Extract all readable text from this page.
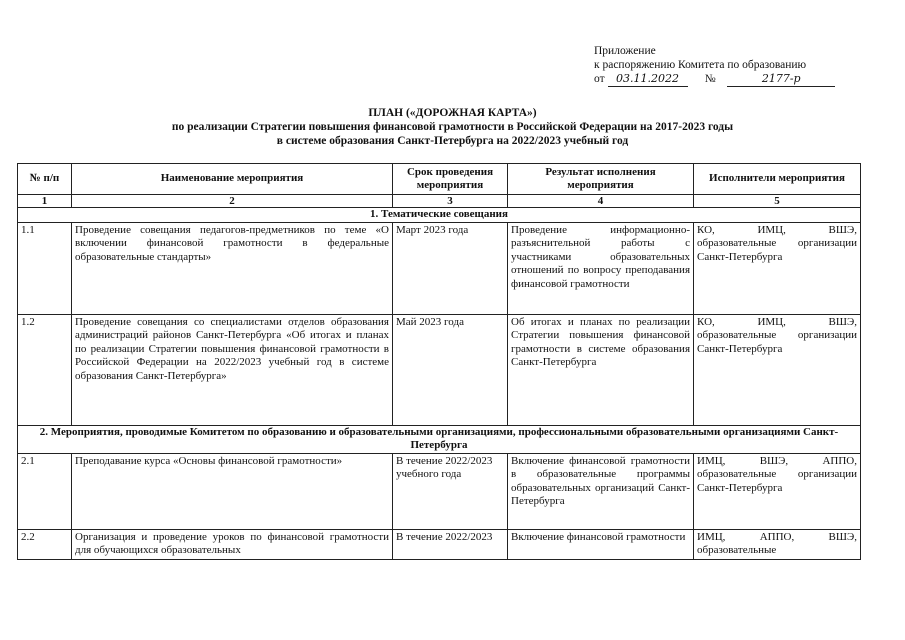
Приложение
к распоряжению Комитета по образованию
от 03.11.2022 №	2177-р
ПЛАН («ДОРОЖНАЯ КАРТА»)
по реализации Стратегии повышения финансовой грамотности в Российской Федерации на 2017-2023 годы
в системе образования Санкт-Петербурга на 2022/2023 учебный год
№ п/п	Наименование мероприятия	Срок проведения мероприятия	Результат исполнения мероприятия	Исполнители мероприятия
1	2	3	4	5
1. Тематические совещания				
1.1	Проведение совещания педагогов-предметников по теме «О включении финансовой грамотности в федеральные образовательные стандарты»	Март 2023 года	Проведение информационно-разъяснительной работы с участниками образовательных отношений по вопросу преподавания финансовой грамотности	КО, ИМЦ, ВШЭ, образовательные организации Санкт-Петербурга
1.2	Проведение совещания со специалистами отделов образования администраций районов Санкт-Петербурга «Об итогах и планах по реализации Стратегии повышения финансовой грамотности в Российской Федерации на 2022/2023 учебный год в системе образования Санкт-Петербурга»	Май 2023 года	Об итогах и планах по реализации Стратегии повышения финансовой грамотности в системе образования Санкт-Петербурга	КО, ИМЦ, ВШЭ, образовательные организации Санкт-Петербурга
2. Мероприятия, проводимые Комитетом по образованию и образовательными организациями, профессиональными образовательными организациями Санкт-Петербурга				
2.1	Преподавание курса «Основы финансовой грамотности»	В течение 2022/2023 учебного года	Включение финансовой грамотности в образовательные программы образовательных организаций Санкт-Петербурга	ИМЦ, ВШЭ, АППО, образовательные организации Санкт-Петербурга
2.2	Организация и проведение уроков по финансовой грамотности для обучающихся образовательных	В течение 2022/2023	Включение финансовой грамотности	ИМЦ, АППО, ВШЭ, образовательные
